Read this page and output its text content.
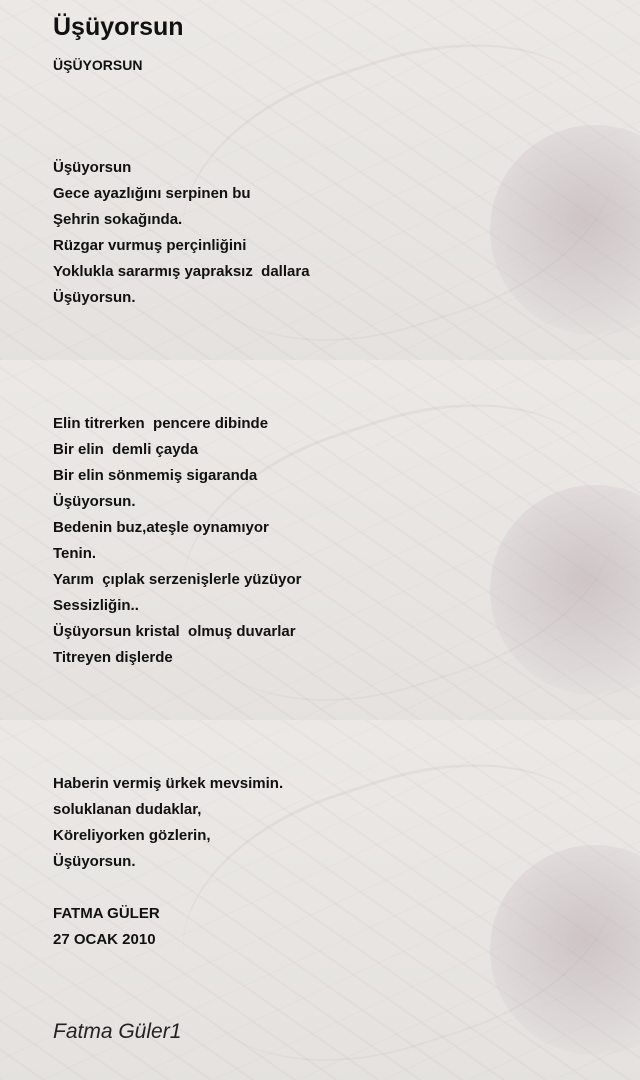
Üşüyorsun
ÜŞÜYORSUN
Üşüyorsun
Gece ayazlığını serpinen bu
Şehrin sokağında.
Rüzgar vurmuş perçinliğini
Yoklukla sararmış yapraksız  dallara
Üşüyorsun.
Elin titrerken  pencere dibinde
Bir elin  demli çayda
Bir elin sönmemiş sigaranda
Üşüyorsun.
Bedenin buz,ateşle oynamıyor
Tenin.
Yarım  çıplak serzenişlerle yüzüyor
Sessizliğin..
Üşüyorsun kristal  olmuş duvarlar
Titreyen dişlerde
Haberin vermiş ürkek mevsimin.
soluklanan dudaklar,
Köreliyorken gözlerin,
Üşüyorsun.
FATMA GÜLER
27 OCAK 2010
Fatma Güler1
